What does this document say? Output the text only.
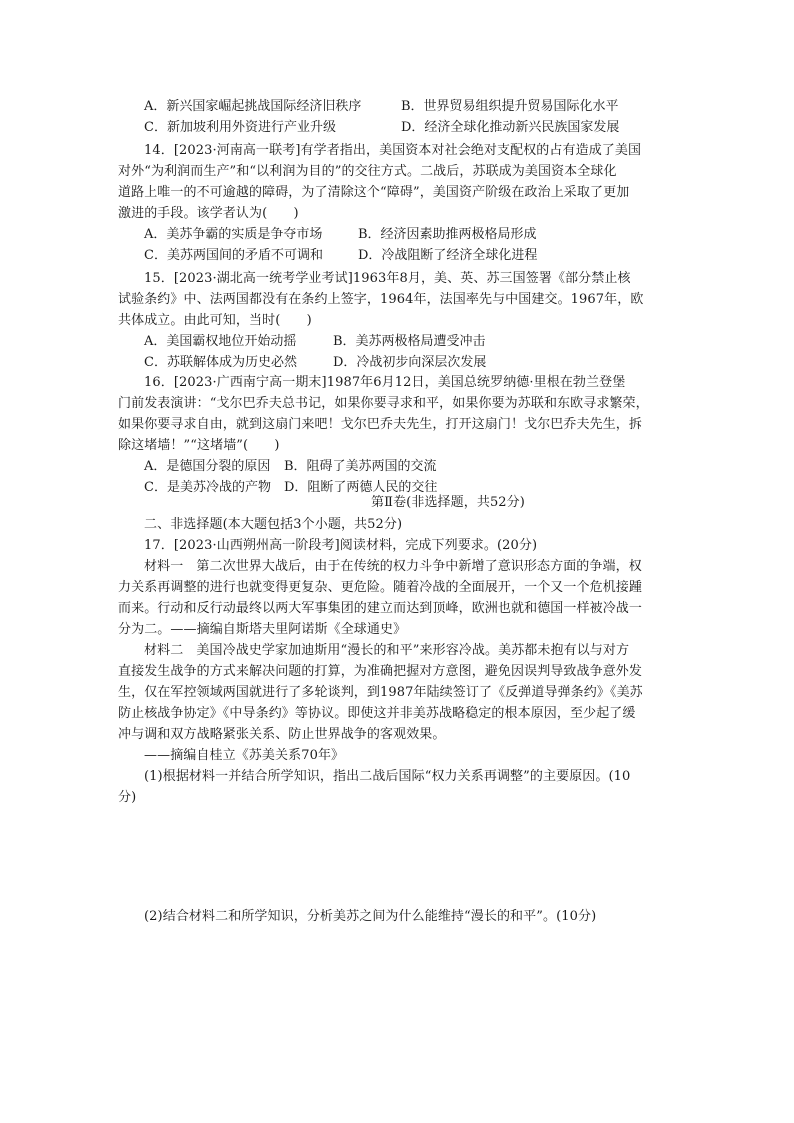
A．新兴国家崛起挑战国际经济旧秩序	B．世界贸易组织提升贸易国际化水平
C．新加坡利用外资进行产业升级	D．经济全球化推动新兴民族国家发展
14．[2023·河南高一联考]有学者指出，美国资本对社会绝对支配权的占有造成了美国
对外“为利润而生产”和“以利润为目的”的交往方式。二战后，苏联成为美国资本全球化
道路上唯一的不可逾越的障碍，为了清除这个“障碍”，美国资产阶级在政治上采取了更加
激进的手段。该学者认为(　　)
A．美苏争霸的实质是争夺市场	B．经济因素助推两极格局形成
C．美苏两国间的矛盾不可调和	D．冷战阻断了经济全球化进程
15．[2023·湖北高一统考学业考试]1963年8月，美、英、苏三国签署《部分禁止核
试验条约》中、法两国都没有在条约上签字，1964年，法国率先与中国建交。1967年，欧
共体成立。由此可知，当时(　　)
A．美国霸权地位开始动摇	B．美苏两极格局遭受冲击
C．苏联解体成为历史必然	D．冷战初步向深层次发展
16．[2023·广西南宁高一期末]1987年6月12日，美国总统罗纳德·里根在勃兰登堡
门前发表演讲：“戈尔巴乔夫总书记，如果你要寻求和平，如果你要为苏联和东欧寻求繁荣，
如果你要寻求自由，就到这扇门来吧！戈尔巴乔夫先生，打开这扇门！戈尔巴乔夫先生，拆
除这堵墙！”“这堵墙”(　　)
A．是德国分裂的原因	B．阻碍了美苏两国的交流
C．是美苏冷战的产物	D．阻断了两德人民的交往
第Ⅱ卷(非选择题，共52分)
二、非选择题(本大题包括3个小题，共52分)
17．[2023·山西朔州高一阶段考]阅读材料，完成下列要求。(20分)
材料一　第二次世界大战后，由于在传统的权力斗争中新增了意识形态方面的争端，权
力关系再调整的进行也就变得更复杂、更危险。随着冷战的全面展开，一个又一个危机接踵
而来。行动和反行动最终以两大军事集团的建立而达到顶峰，欧洲也就和德国一样被冷战一
分为二。——摘编自斯塔夫里阿诺斯《全球通史》
材料二　美国冷战史学家加迪斯用“漫长的和平”来形容冷战。美苏都未抱有以与对方
直接发生战争的方式来解决问题的打算，为准确把握对方意图，避免因误判导致战争意外发
生，仅在军控领域两国就进行了多轮谈判，到1987年陆续签订了《反弹道导弹条约》《美苏
防止核战争协定》《中导条约》等协议。即使这并非美苏战略稳定的根本原因，至少起了缓
冲与调和双方战略紧张关系、防止世界战争的客观效果。
——摘编自桂立《苏美关系70年》
(1)根据材料一并结合所学知识，指出二战后国际“权力关系再调整”的主要原因。(10
分)
(2)结合材料二和所学知识，分析美苏之间为什么能维持“漫长的和平”。(10分)
